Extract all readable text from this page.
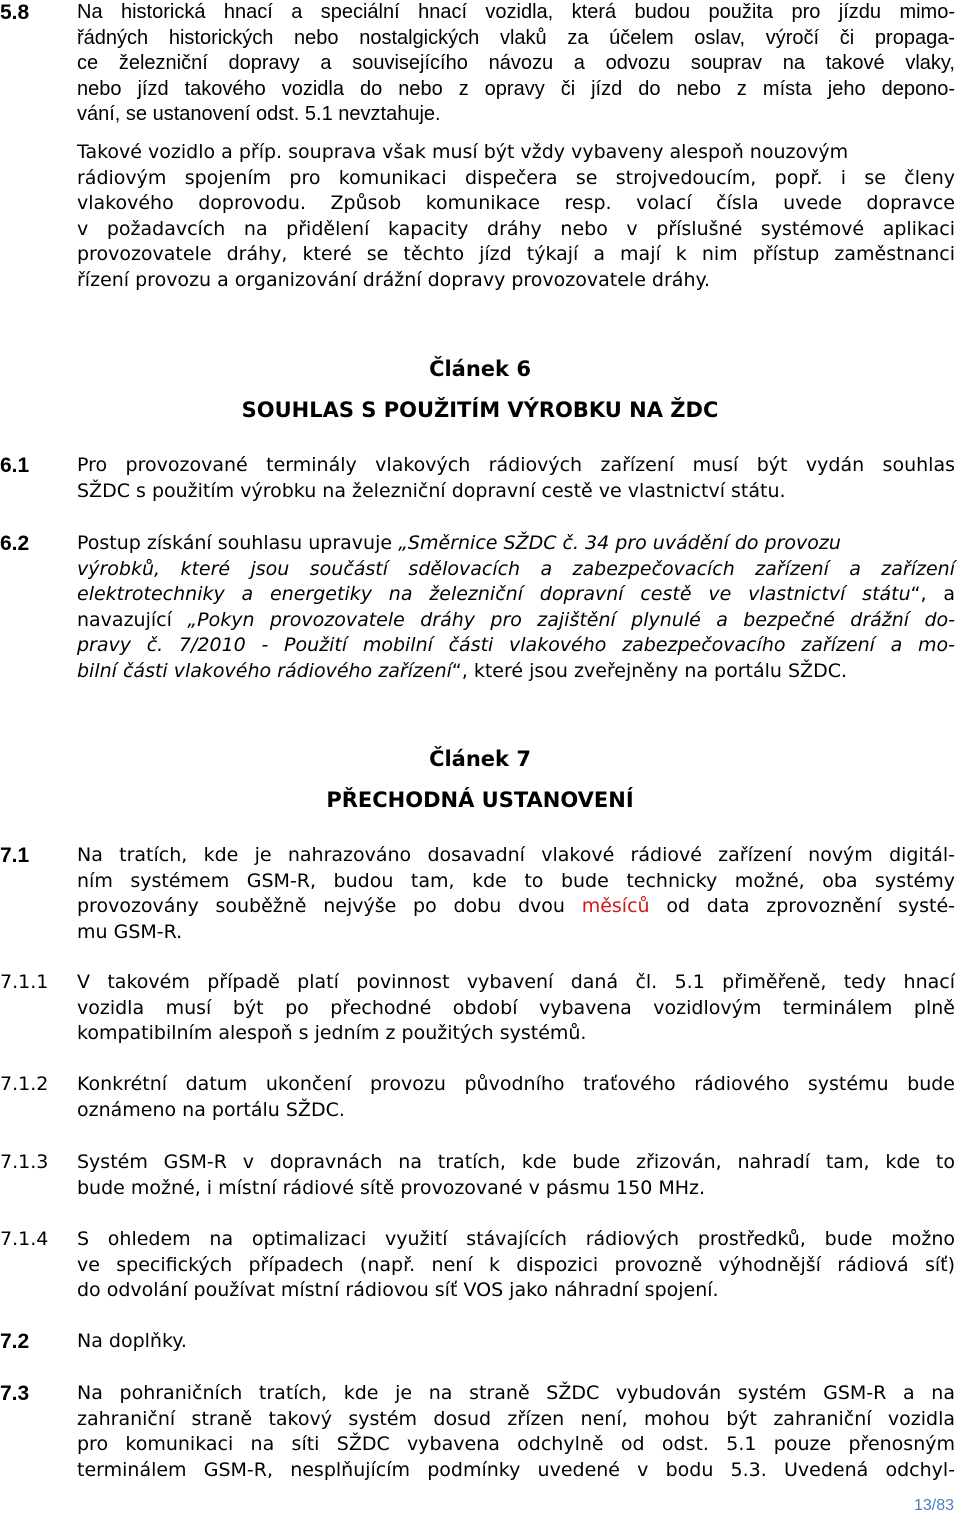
5.8 Na historická hnací a speciální hnací vozidla, která budou použita pro jízdu mimo-
řádných historických nebo nostalgických vlaků za účelem oslav, výročí či propaga-
ce železniční dopravy a souvisejícího návozu a odvozu souprav na takové vlaky,
nebo jízd takového vozidla do nebo z opravy či jízd do nebo z místa jeho depono-
vání, se ustanovení odst. 5.1 nevztahuje.
Takové vozidlo a příp. souprava však musí být vždy vybaveny alespoň nouzovým
rádiovým spojením pro komunikaci dispečera se strojvedoucím, popř. i se členy
vlakového doprovodu. Způsob komunikace resp. volací čísla uvede dopravce
v požadavcích na přidělení kapacity dráhy nebo v příslušné systémové aplikaci
provozovatele dráhy, které se těchto jízd týkají a mají k nim přístup zaměstnanci
řízení provozu a organizování drážní dopravy provozovatele dráhy.
Článek 6
SOUHLAS S POUŽITÍM VÝROBKU NA ŽDC
6.1	Pro provozované terminály vlakových rádiových zařízení musí být vydán souhlas
SŽDC s použitím výrobku na železniční dopravní cestě ve vlastnictví státu.
6.2	Postup získání souhlasu upravuje „Směrnice SŽDC č. 34 pro uvádění do provozu
výrobků, které jsou součástí sdělovacích a zabezpečovacích zařízení a zařízení
elektrotechniky a energetiky na železniční dopravní cestě ve vlastnictví státu“, a
navazující „Pokyn provozovatele dráhy pro zajištění plynulé a bezpečné drážní do-
pravy č. 7/2010 - Použití mobilní části vlakového zabezpečovacího zařízení a mo-
bilní části vlakového rádiového zařízení“, které jsou zveřejněny na portálu SŽDC.
Článek 7
PŘECHODNÁ USTANOVENÍ
7.1	Na tratích, kde je nahrazováno dosavadní vlakové rádiové zařízení novým digitál-
ním systémem GSM-R, budou tam, kde to bude technicky možné, oba systémy
provozovány souběžně nejvýše po dobu dvou měsíců od data zprovoznění systé-
mu GSM-R.
7.1.1 V takovém případě platí povinnost vybavení daná čl. 5.1 přiměřeně, tedy hnací
vozidla musí být po přechodné období vybavena vozidlovým terminálem plně
kompatibilním alespoň s jedním z použitých systémů.
7.1.2 Konkrétní datum ukončení provozu původního traťového rádiového systému bude
oznámeno na portálu SŽDC.
7.1.3 Systém GSM-R v dopravnách na tratích, kde bude zřizován, nahradí tam, kde to
bude možné, i místní rádiové sítě provozované v pásmu 150 MHz.
7.1.4 S ohledem na optimalizaci využití stávajících rádiových prostředků, bude možno
ve specifických případech (např. není k dispozici provozně výhodnější rádiová síť)
do odvolání používat místní rádiovou síť VOS jako náhradní spojení.
7.2	Na doplňky.
7.3	Na pohraničních tratích, kde je na straně SŽDC vybudován systém GSM-R a na
zahraniční straně takový systém dosud zřízen není, mohou být zahraniční vozidla
pro komunikaci na síti SŽDC vybavena odchylně od odst. 5.1 pouze přenosným
terminálem GSM-R, nesplňujícím podmínky uvedené v bodu 5.3. Uvedená odchyl-
13/83
